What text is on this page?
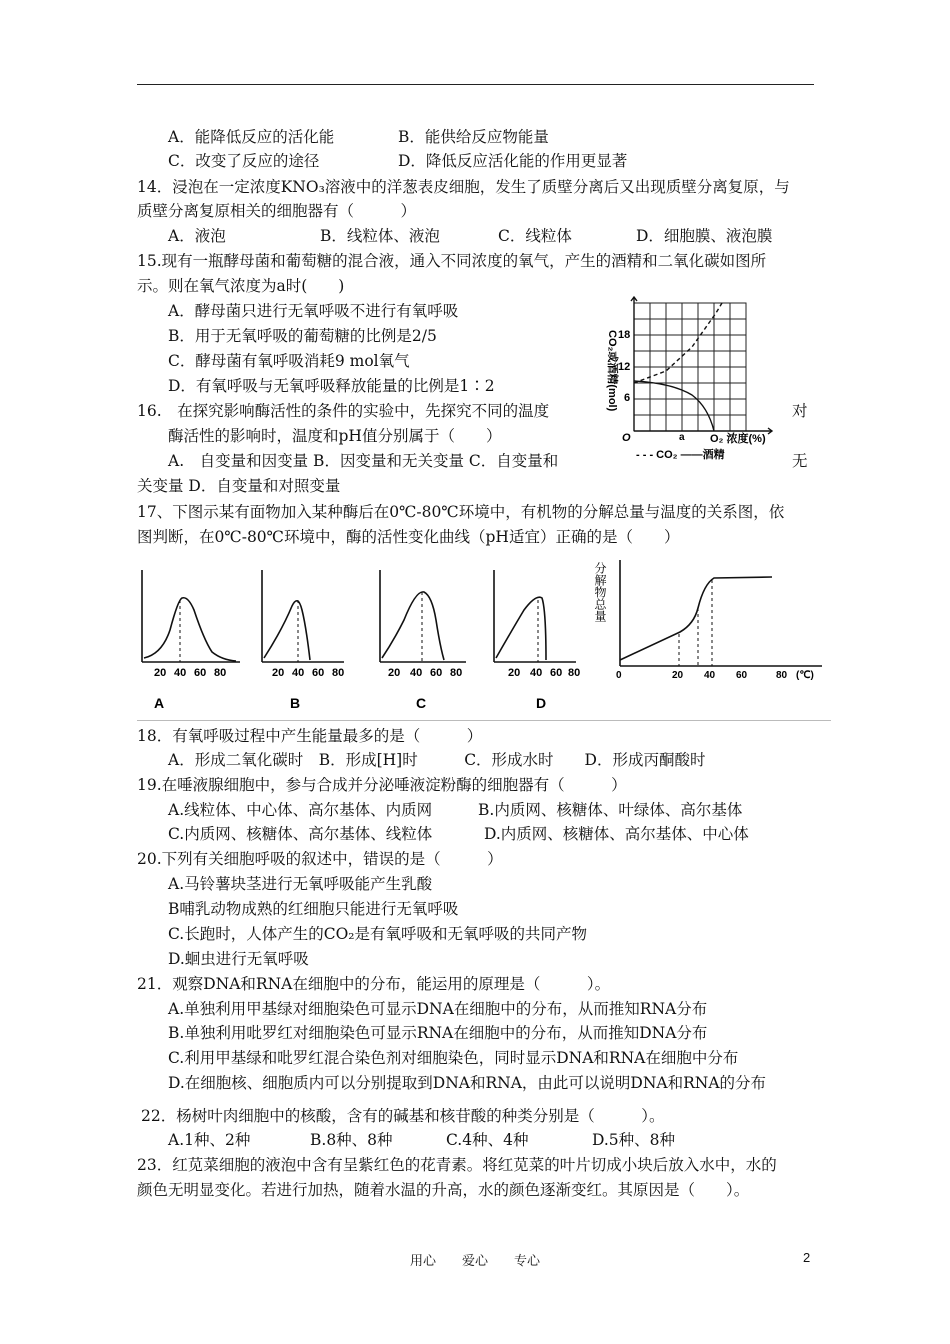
A．能降低反应的活化能	B．能供给反应物能量
C．改变了反应的途径	D．降低反应活化能的作用更显著
14．浸泡在一定浓度KNO₃溶液中的洋葱表皮细胞，发生了质壁分离后又出现质壁分离复原，与
质壁分离复原相关的细胞器有（　　　）
A．液泡	B．线粒体、液泡	C．线粒体	D．细胞膜、液泡膜
15.现有一瓶酵母菌和葡萄糖的混合液，通入不同浓度的氧气，产生的酒精和二氧化碳如图所
示。则在氧气浓度为a时(　　)
A．酵母菌只进行无氧呼吸不进行有氧呼吸
B．用于无氧呼吸的葡萄糖的比例是2/5
C．酵母菌有氧呼吸消耗9 mol氧气
D．有氧呼吸与无氧呼吸释放能量的比例是1∶2
16.　在探究影响酶活性的条件的实验中，先探究不同的温度	对
酶活性的影响时，温度和pH值分别属于（　　）
A.　自变量和因变量 B．因变量和无关变量 C．自变量和	无
关变量 D．自变量和对照变量
CO₂或酒精(mol) 18
12
6
O	a O₂ 浓度(%)
- - - CO₂ ——酒精
17、下图示某有面物加入某种酶后在0℃-80℃环境中，有机物的分解总量与温度的关系图，依
图判断，在0℃-80℃环境中，酶的活性变化曲线（pH适宜）正确的是（　　）
20 40 60 80	20 40 60 80	20 40 60 80	20 40 60 80
A	B	C	D
分解物总量
0	20 40 60	80 (℃)
18．有氧呼吸过程中产生能量最多的是（　　　）
A．形成二氧化碳时　B．形成[H]时　　　C．形成水时　　D．形成丙酮酸时
19.在唾液腺细胞中，参与合成并分泌唾液淀粉酶的细胞器有（　　　）
A.线粒体、中心体、高尔基体、内质网	B.内质网、核糖体、叶绿体、高尔基体
C.内质网、核糖体、高尔基体、线粒体	D.内质网、核糖体、高尔基体、中心体
20.下列有关细胞呼吸的叙述中，错误的是（　　　）
A.马铃薯块茎进行无氧呼吸能产生乳酸
B哺乳动物成熟的红细胞只能进行无氧呼吸
C.长跑时，人体产生的CO₂是有氧呼吸和无氧呼吸的共同产物
D.蛔虫进行无氧呼吸
21．观察DNA和RNA在细胞中的分布，能运用的原理是（　　　）。
A.单独利用甲基绿对细胞染色可显示DNA在细胞中的分布，从而推知RNA分布
B.单独利用吡罗红对细胞染色可显示RNA在细胞中的分布，从而推知DNA分布
C.利用甲基绿和吡罗红混合染色剂对细胞染色，同时显示DNA和RNA在细胞中分布
D.在细胞核、细胞质内可以分别提取到DNA和RNA，由此可以说明DNA和RNA的分布
22．杨树叶肉细胞中的核酸，含有的碱基和核苷酸的种类分别是（　　　）。
A.1种、2种	B.8种、8种	C.4种、4种	D.5种、8种
23．红苋菜细胞的液泡中含有呈紫红色的花青素。将红苋菜的叶片切成小块后放入水中，水的
颜色无明显变化。若进行加热，随着水温的升高，水的颜色逐渐变红。其原因是（　　）。
用心　　爱心　　专心	2
